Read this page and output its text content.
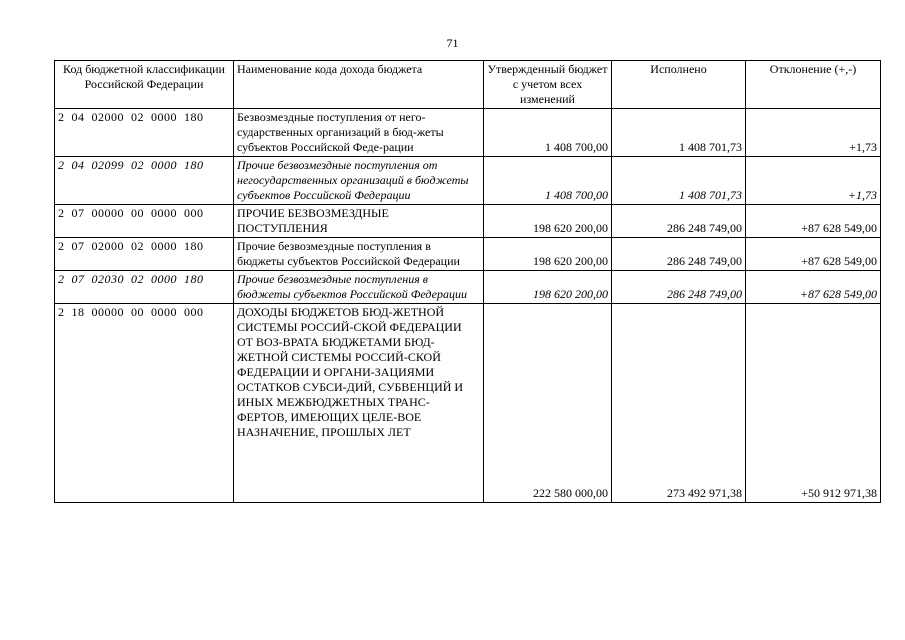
71
Код бюджетной классификации Российской Федерации	Наименование кода дохода бюджета	Утвержденный бюджет с учетом всех изменений	Исполнено	Отклонение (+,-)
2  04  02000  02  0000  180	Безвозмездные поступления от него-сударственных организаций в бюд-жеты субъектов Российской Феде-рации	1 408 700,00	1 408 701,73	+1,73
2  04  02099  02  0000  180	Прочие безвозмездные поступления от негосударственных организаций в бюджеты субъектов Российской Федерации	1 408 700,00	1 408 701,73	+1,73
2  07  00000  00  0000  000	ПРОЧИЕ БЕЗВОЗМЕЗДНЫЕ ПОСТУПЛЕНИЯ	198 620 200,00	286 248 749,00	+87 628 549,00
2  07  02000  02  0000  180	Прочие безвозмездные поступления в бюджеты субъектов Российской Федерации	198 620 200,00	286 248 749,00	+87 628 549,00
2  07  02030  02  0000  180	Прочие безвозмездные поступления в бюджеты субъектов Российской Федерации	198 620 200,00	286 248 749,00	+87 628 549,00
2  18  00000  00  0000  000	ДОХОДЫ БЮДЖЕТОВ БЮД-ЖЕТНОЙ СИСТЕМЫ РОССИЙ-СКОЙ ФЕДЕРАЦИИ ОТ ВОЗ-ВРАТА БЮДЖЕТАМИ БЮД-ЖЕТНОЙ СИСТЕМЫ РОССИЙ-СКОЙ ФЕДЕРАЦИИ И ОРГАНИ-ЗАЦИЯМИ ОСТАТКОВ СУБСИ-ДИЙ, СУБВЕНЦИЙ И ИНЫХ МЕЖБЮДЖЕТНЫХ ТРАНС-ФЕРТОВ, ИМЕЮЩИХ ЦЕЛЕ-ВОЕ НАЗНАЧЕНИЕ, ПРОШЛЫХ ЛЕТ	222 580 000,00	273 492 971,38	+50 912 971,38
